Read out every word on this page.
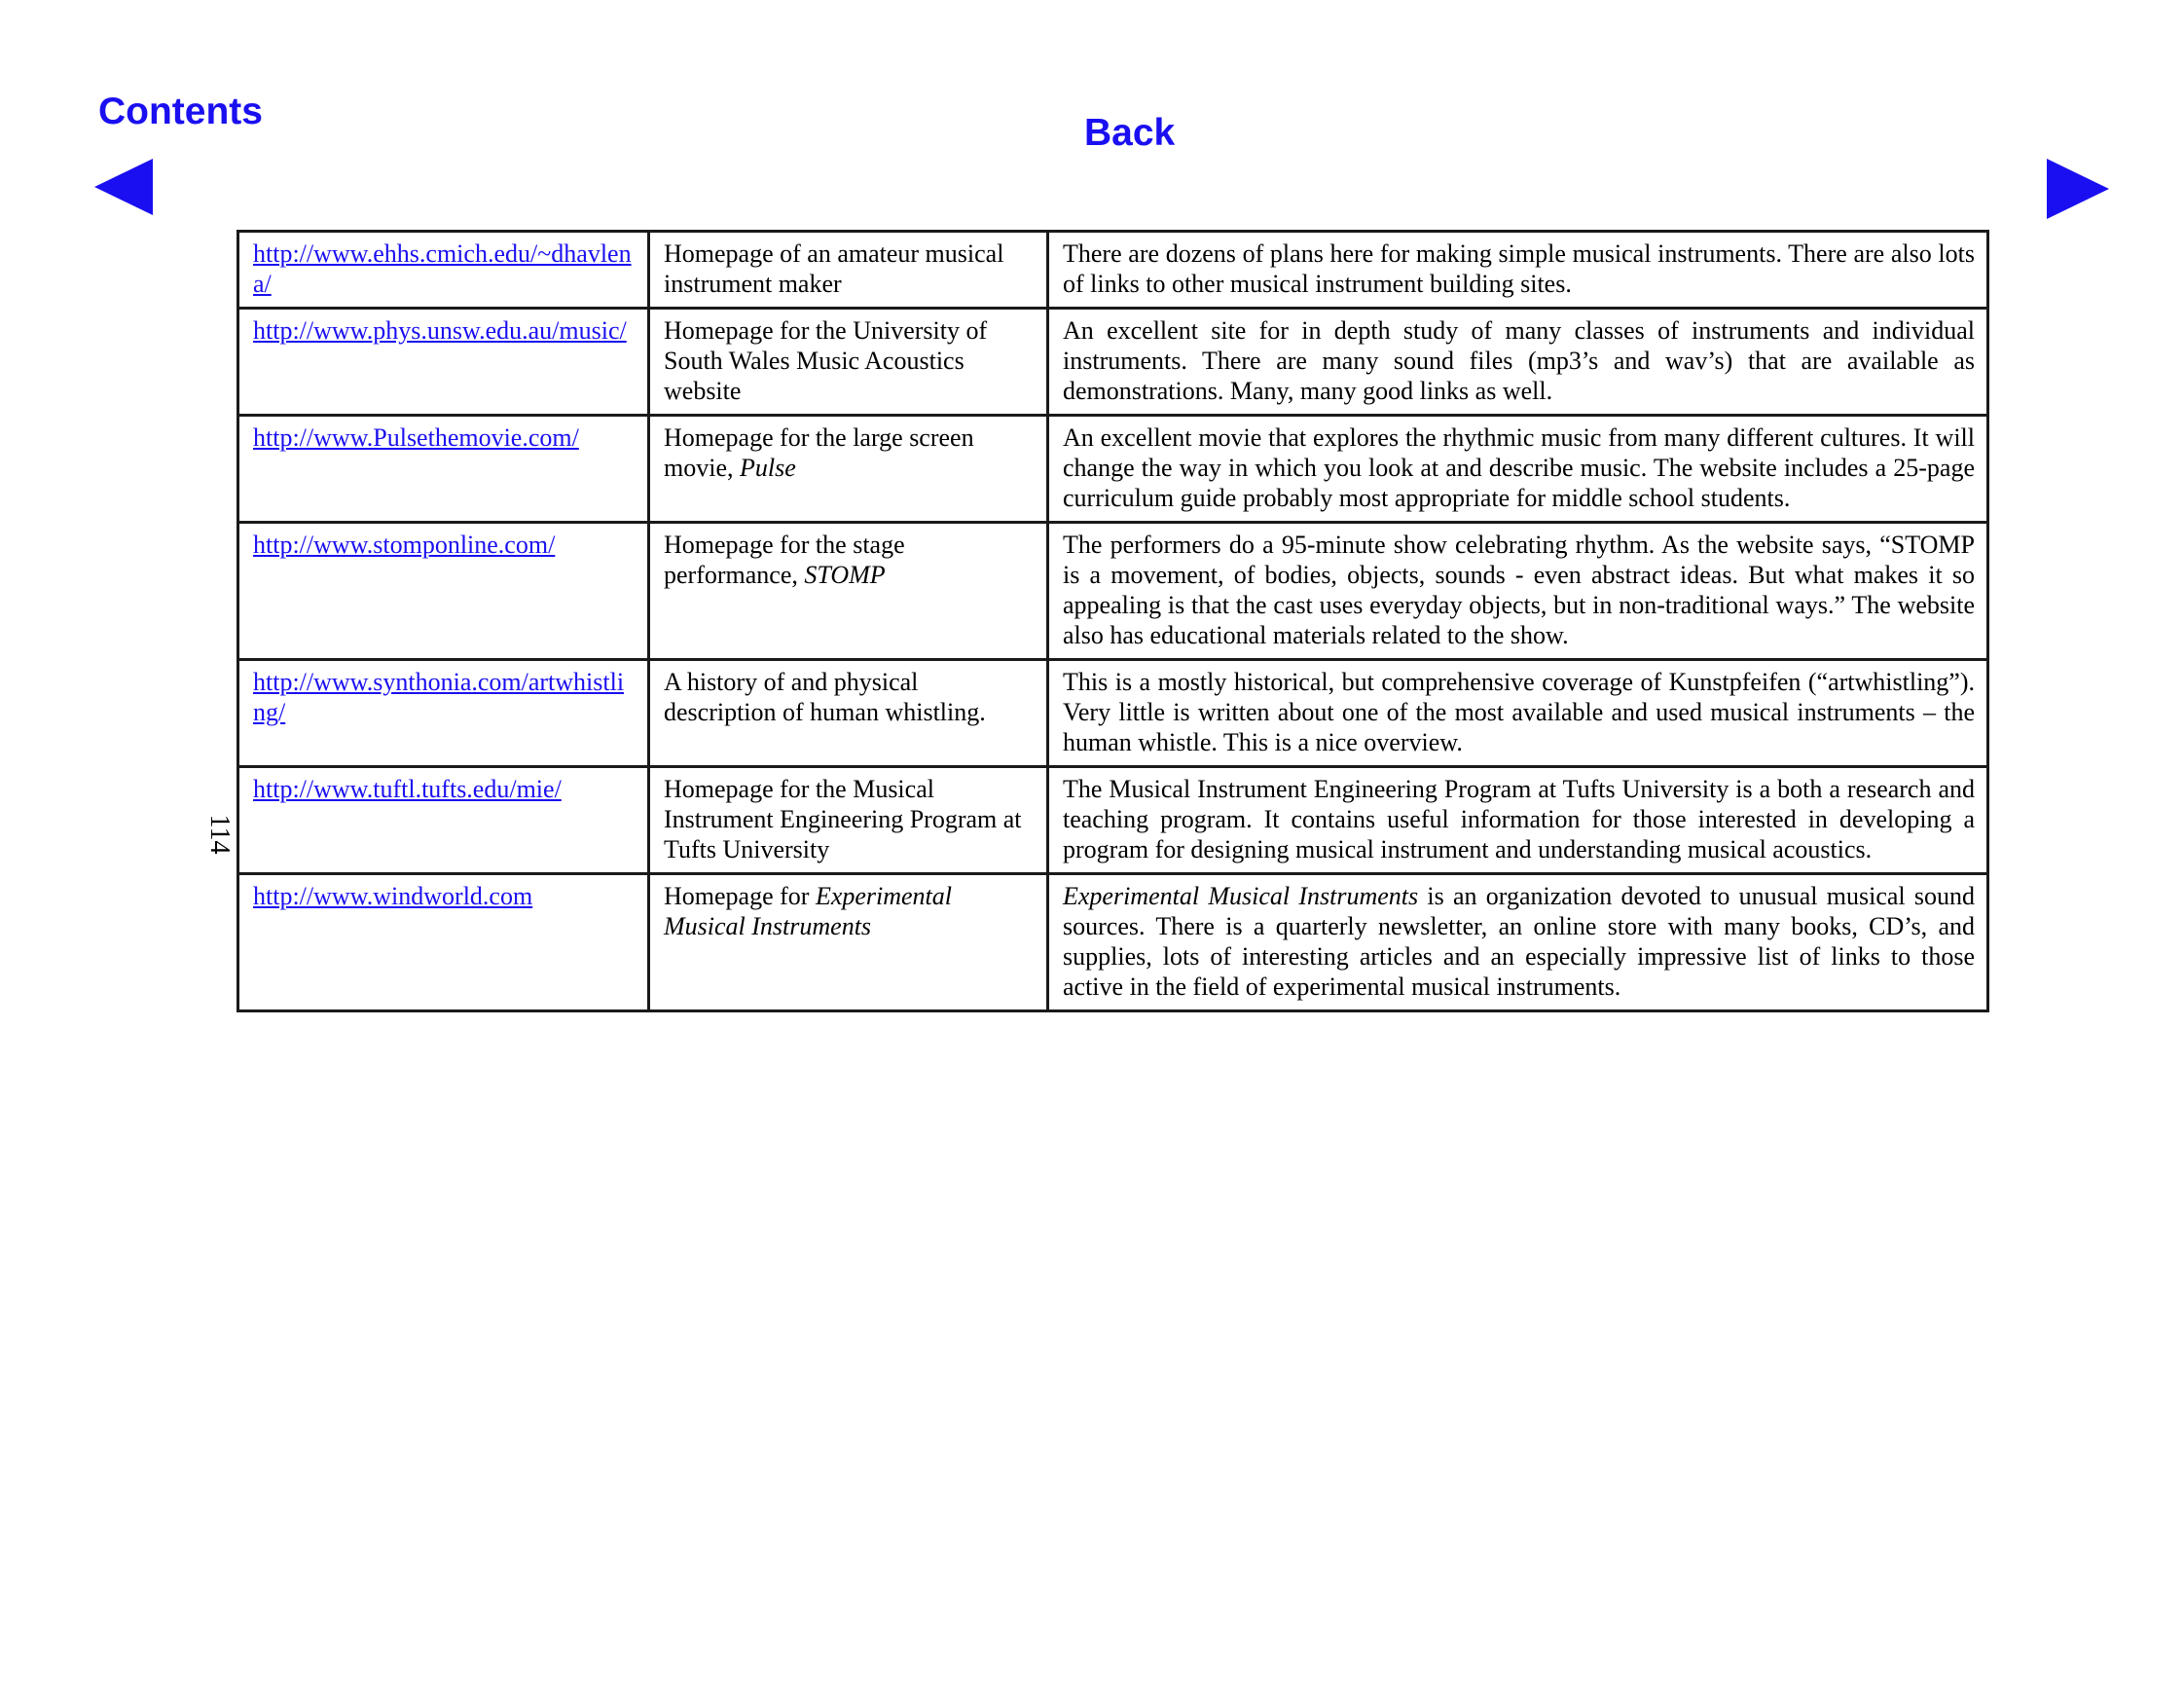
Contents
Back
114
http://www.ehhs.cmich.edu/~dhavlena/	Homepage of an amateur musical instrument maker	There are dozens of plans here for making simple musical instruments. There are also lots of links to other musical instrument building sites.
http://www.phys.unsw.edu.au/music/	Homepage for the University of South Wales Music Acoustics website	An excellent site for in depth study of many classes of instruments and individual instruments. There are many sound files (mp3’s and wav’s) that are available as demonstrations. Many, many good links as well.
http://www.Pulsethemovie.com/	Homepage for the large screen movie, Pulse	An excellent movie that explores the rhythmic music from many different cultures. It will change the way in which you look at and describe music. The website includes a 25-page curriculum guide probably most appropriate for middle school students.
http://www.stomponline.com/	Homepage for the stage performance, STOMP	The performers do a 95-minute show celebrating rhythm. As the website says, “STOMP is a movement, of bodies, objects, sounds - even abstract ideas. But what makes it so appealing is that the cast uses everyday objects, but in non-traditional ways.” The website also has educational materials related to the show.
http://www.synthonia.com/artwhistling/	A history of and physical description of human whistling.	This is a mostly historical, but comprehensive coverage of Kunstpfeifen (“artwhistling”). Very little is written about one of the most available and used musical instruments – the human whistle. This is a nice overview.
http://www.tuftl.tufts.edu/mie/	Homepage for the Musical Instrument Engineering Program at Tufts University	The Musical Instrument Engineering Program at Tufts University is a both a research and teaching program. It contains useful information for those interested in developing a program for designing musical instrument and understanding musical acoustics.
http://www.windworld.com	Homepage for Experimental Musical Instruments	Experimental Musical Instruments is an organization devoted to unusual musical sound sources. There is a quarterly newsletter, an online store with many books, CD’s, and supplies, lots of interesting articles and an especially impressive list of links to those active in the field of experimental musical instruments.
